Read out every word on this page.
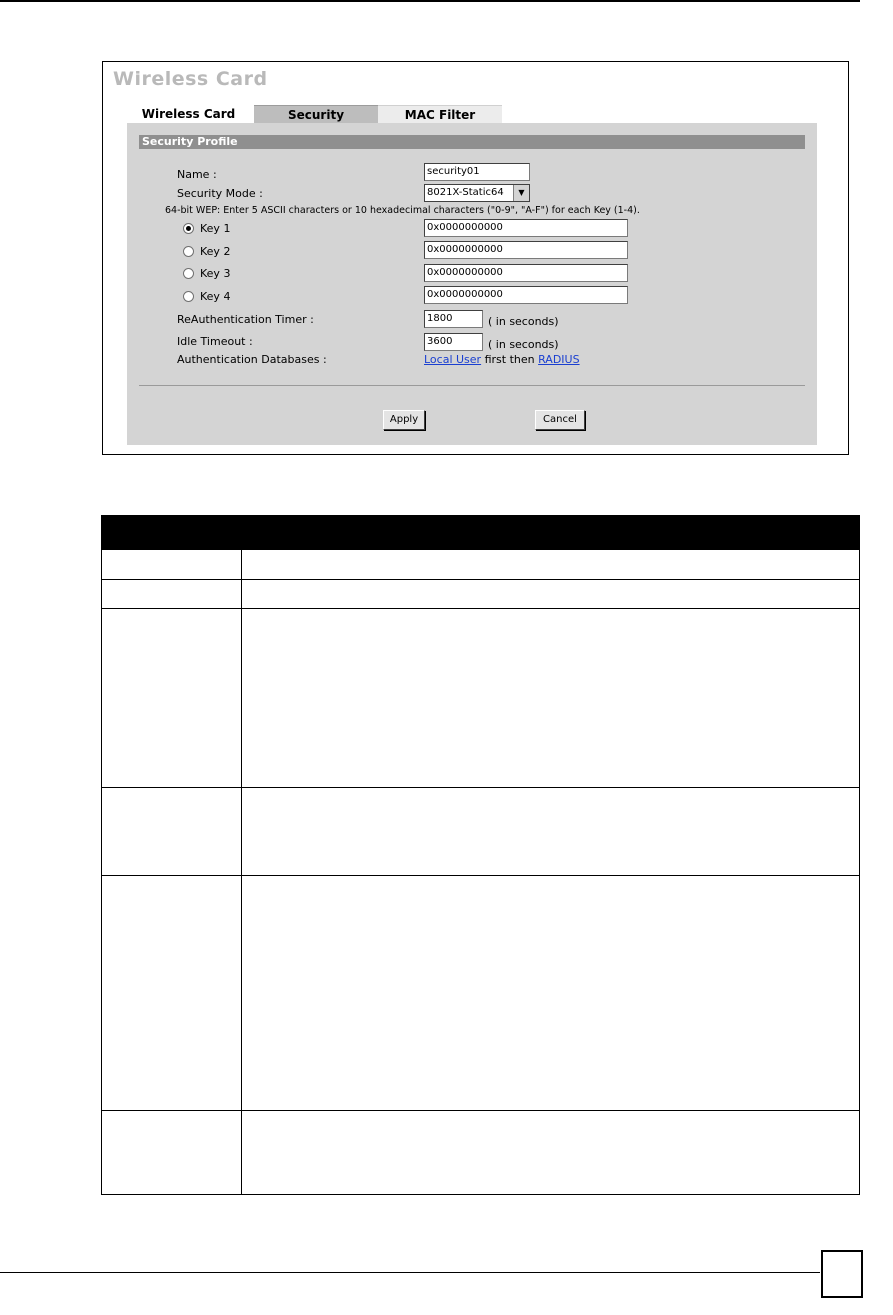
Wireless Card
Wireless Card	Security	MAC Filter
Security Profile
Name :	security01
Security Mode :	8021X-Static64	▼
64-bit WEP: Enter 5 ASCII characters or 10 hexadecimal characters ("0-9", "A-F") for each Key (1-4).
Key 1	0x0000000000
Key 2	0x0000000000
Key 3	0x0000000000
Key 4	0x0000000000
ReAuthentication Timer :	1800	( in seconds)
Idle Timeout :	3600	( in seconds)
Authentication Databases :	Local User first then RADIUS
Apply	Cancel
